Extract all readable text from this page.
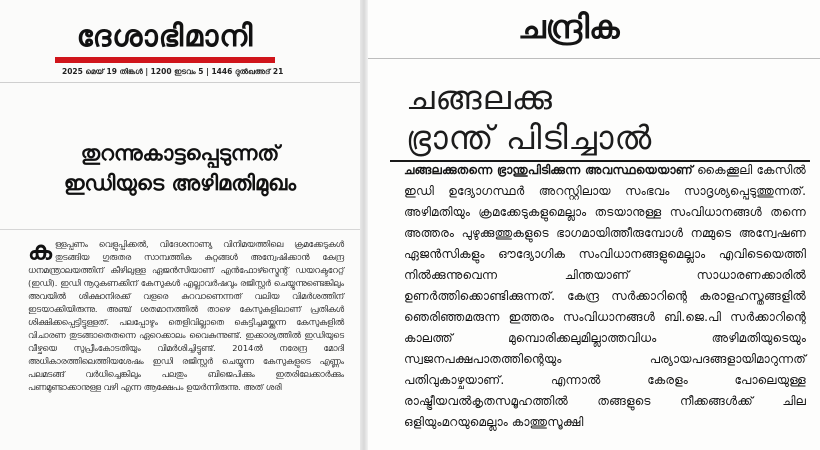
ദേശാഭിമാനി
2025 മെയ് 19 തിങ്കൾ | 1200 ഇടവം 5 | 1446 ദുൽഖഅദ് 21
തുറന്നുകാട്ടപ്പെടുന്നത് ഇഡിയുടെ അഴിമതിമുഖം
ക ള്ളപ്പണം വെളുപ്പിക്കൽ, വിദേശനാണ്യ വിനിമയത്തിലെ ക്രമക്കേടുകൾ തുടങ്ങിയ ഗുരുതര സാമ്പത്തിക കുറ്റങ്ങൾ അന്വേഷിക്കാൻ കേന്ദ്ര ധനമന്ത്രാലയത്തിന് കീഴിലുള്ള ഏജൻസിയാണ് എൻഫോഴ്സ്മെന്റ് ഡയറക്ടറേറ്റ് (ഇഡി). ഇഡി നൂറുകണക്കിന് കേസുകൾ എല്ലാവർഷവും രജിസ്റ്റർ ചെയ്യുന്നുണ്ടെങ്കിലും അവയിൽ ശിക്ഷാനിരക്ക് വളരെ കുറവാണെന്നത് വലിയ വിമർശത്തിന് ഇടയാക്കിയിരുന്നു. അഞ്ച് ശതമാനത്തിൽ താഴെ കേസുകളിലാണ് പ്രതികൾ ശിക്ഷിക്കപ്പെട്ടിട്ടുള്ളത്. പലപ്പോഴും തെളിവില്ലാതെ കെട്ടിച്ചമയ്ക്കുന്ന കേസുകളിൽ വിചാരണ തുടങ്ങാതെതന്നെ ഏറെക്കാലം വൈകുന്നുണ്ട്. ഇക്കാര്യത്തിൽ ഇഡിയുടെ വീഴ്ചയെ സുപ്രീംകോടതിയും വിമർശിച്ചിട്ടുണ്ട്. 2014ൽ നരേന്ദ്ര മോദി അധികാരത്തിലെത്തിയശേഷം ഇഡി രജിസ്റ്റർ ചെയ്യുന്ന കേസുകളുടെ എണ്ണം പലമടങ്ങ് വർധിച്ചെങ്കിലും പലതും ബിജെപിക്കും ഇതരിലേക്കാർക്കും പണമുണ്ടാക്കാനുള്ള വഴി എന്ന ആക്ഷേപം ഉയർന്നിരുന്നു. അത് ശരി

ചന്ദ്രിക
ചങ്ങലക്കു
ഭ്രാന്ത് പിടിച്ചാൽ

ചങ്ങലക്കുതന്നെ ഭ്രാന്തുപിടിക്കുന്ന അവസ്ഥയെയാണ് കൈക്കൂലി കേസിൽ ഇഡി ഉദ്യോഗസ്ഥർ അറസ്റ്റിലായ സംഭവം സാദൃശ്യപ്പെടുത്തുന്നത്. അഴിമതിയും ക്രമക്കേടുകളുമെല്ലാം തടയാനുള്ള സംവിധാനങ്ങൾ തന്നെ അത്തരം പുഴുക്കുത്തുകളുടെ ഭാഗമായിത്തീരുമ്പോൾ നമ്മുടെ അന്വേഷണ ഏജൻസികളും ഔദ്യോഗിക സംവിധാനങ്ങളുമെല്ലാം എവിടെയെത്തി നിൽക്കുന്നുവെന്ന ചിന്തയാണ് സാധാരണക്കാരിൽ ഉണർത്തിക്കൊണ്ടിക്കുന്നത്. കേന്ദ്ര സർക്കാറിന്റെ കരാളഹസ്തങ്ങളിൽ ഞെരിഞ്ഞമരുന്ന ഇത്തരം സംവിധാനങ്ങൾ ബി.ജെ.പി സർക്കാറിന്റെ കാലത്ത് മുമ്പൊരിക്കലുമില്ലാത്തവിധം അഴിമതിയുടെയും സ്വജനപക്ഷപാതത്തിന്റെയും പര്യായപദങ്ങളായിമാറുന്നത് പതിവുകാഴ്ചയാണ്. എന്നാൽ കേരളം പോലെയുള്ള രാഷ്ട്രീയവൽകൃതസമൂഹത്തിൽ തങ്ങളുടെ നീക്കങ്ങൾക്ക് ചില ഒളിയുംമറയുമെല്ലാം കാത്തുസൂക്ഷി
